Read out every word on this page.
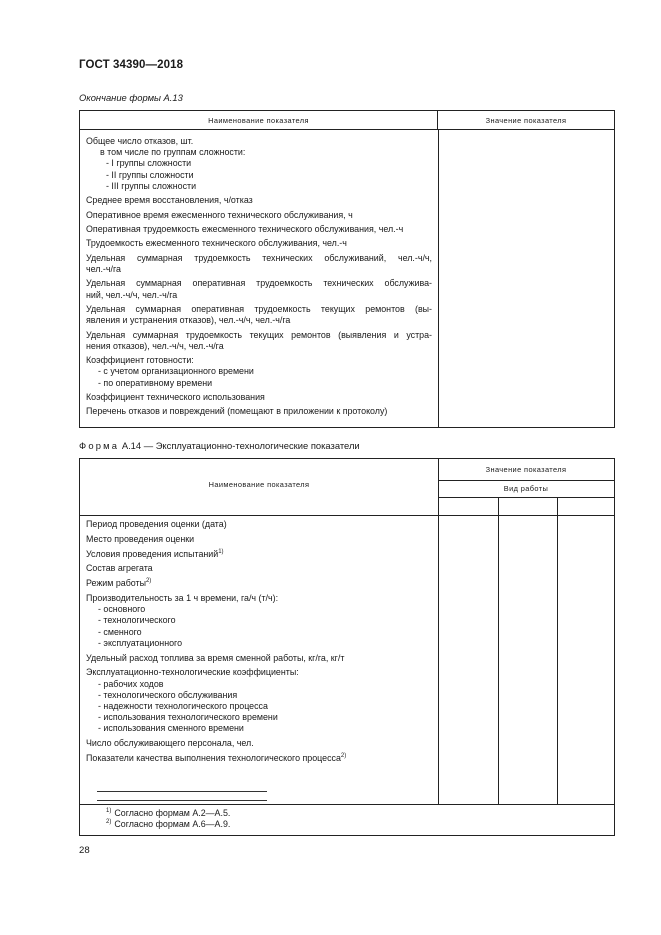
ГОСТ 34390—2018
Окончание формы А.13
Наименование показателя	Значение показателя
Общее число отказов, шт.
в том числе по группам сложности:
- I группы сложности
- II группы сложности
- III группы сложности
Среднее время восстановления, ч/отказ
Оперативное время ежесменного технического обслуживания, ч
Оперативная трудоемкость ежесменного технического обслуживания, чел.-ч
Трудоемкость ежесменного технического обслуживания, чел.-ч
Удельная суммарная трудоемкость технических обслуживаний, чел.-ч/ч,
чел.-ч/га
Удельная суммарная оперативная трудоемкость технических обслужива-
ний, чел.-ч/ч, чел.-ч/га
Удельная суммарная оперативная трудоемкость текущих ремонтов (вы-
явления и устранения отказов), чел.-ч/ч, чел.-ч/га
Удельная суммарная трудоемкость текущих ремонтов (выявления и устра-
нения отказов), чел.-ч/ч, чел.-ч/га
Коэффициент готовности:
- с учетом организационного времени
- по оперативному времени
Коэффициент технического использования
Перечень отказов и повреждений (помещают в приложении к протоколу)
Форма А.14 — Эксплуатационно-технологические показатели
Наименование показателя
Значение показателя
Вид работы
Период проведения оценки (дата)
Место проведения оценки
Условия проведения испытаний$^{1)}$
Состав агрегата
Режим работы$^{2)}$
Производительность за 1 ч времени, га/ч (т/ч):
- основного
- технологического
- сменного
- эксплуатационного
Удельный расход топлива за время сменной работы, кг/га, кг/т
Эксплуатационно-технологические коэффициенты:
- рабочих ходов
- технологического обслуживания
- надежности технологического процесса
- использования технологического времени
- использования сменного времени
Число обслуживающего персонала, чел.
Показатели качества выполнения технологического процесса$^{2)}$
$^{1)}$ Согласно формам А.2—А.5.
$^{2)}$ Согласно формам А.6—А.9.
28
